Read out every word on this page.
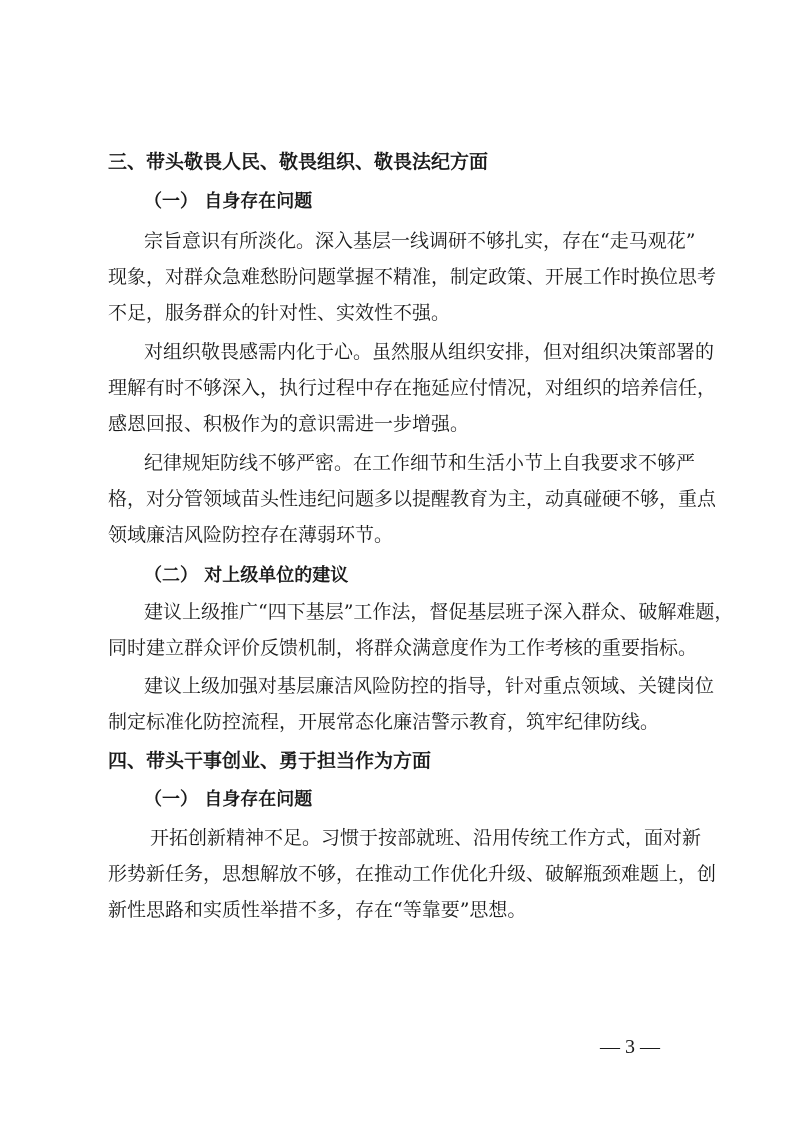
三、带头敬畏人民、敬畏组织、敬畏法纪方面
（一） 自身存在问题
宗旨意识有所淡化。深入基层一线调研不够扎实，存在“走马观花”
现象，对群众急难愁盼问题掌握不精准，制定政策、开展工作时换位思考
不足，服务群众的针对性、实效性不强。
对组织敬畏感需内化于心。虽然服从组织安排，但对组织决策部署的
理解有时不够深入，执行过程中存在拖延应付情况，对组织的培养信任，
感恩回报、积极作为的意识需进一步增强。
纪律规矩防线不够严密。在工作细节和生活小节上自我要求不够严
格，对分管领域苗头性违纪问题多以提醒教育为主，动真碰硬不够，重点
领域廉洁风险防控存在薄弱环节。
（二） 对上级单位的建议
建议上级推广“四下基层”工作法，督促基层班子深入群众、破解难题，
同时建立群众评价反馈机制，将群众满意度作为工作考核的重要指标。
建议上级加强对基层廉洁风险防控的指导，针对重点领域、关键岗位
制定标准化防控流程，开展常态化廉洁警示教育，筑牢纪律防线。
四、带头干事创业、勇于担当作为方面
（一） 自身存在问题
开拓创新精神不足。习惯于按部就班、沿用传统工作方式，面对新
形势新任务，思想解放不够，在推动工作优化升级、破解瓶颈难题上，创
新性思路和实质性举措不多，存在“等靠要”思想。
— 3 —
